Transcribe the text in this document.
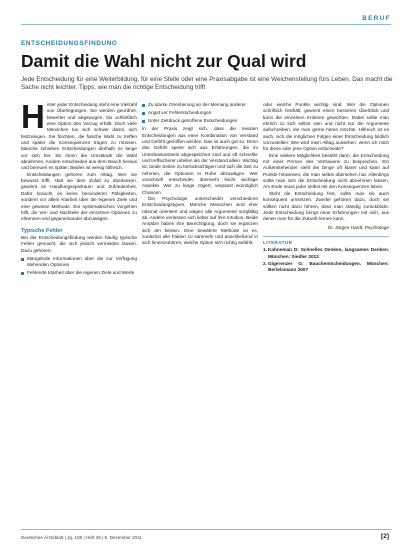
BERUF
ENTSCHEIDUNGSFINDUNG
Damit die Wahl nicht zur Qual wird
Jede Entscheidung für eine Weiterbildung, für eine Stelle oder eine Praxisabgabe ist eine Weichenstellung fürs Leben. Das macht die Sache nicht leichter. Tipps, wie man die richtige Entscheidung trifft
H inter jeder Entscheidung steht eine Vielzahl von Überlegungen. Sie werden geordnet, bewertet und abgewogen, bis schließlich eine Option den Vorzug erhält. Doch viele Menschen tun sich schwer damit, sich festzulegen. Sie fürchten, die falsche Wahl zu treffen und später die Konsequenzen tragen zu müssen. Manche schieben Entscheidungen deshalb so lange vor sich her, bis ihnen die Umstände die Wahl abnehmen. Andere entscheiden aus dem Bauch heraus und bereuen es später. Beides ist wenig hilfreich.

Entscheidungen gehören zum Alltag. Wer sie bewusst trifft, statt sie dem Zufall zu überlassen, gewinnt an Handlungsspielraum und Zufriedenheit. Dafür braucht es keine besonderen Fähigkeiten, sondern vor allem Klarheit über die eigenen Ziele und eine gewisse Methode. Ein systematisches Vorgehen hilft, die Vor- und Nachteile der einzelnen Optionen zu erkennen und gegeneinander abzuwägen.

Typische Fehler

Bei der Entscheidungsfindung werden häufig typische Fehler gemacht, die sich jedoch vermeiden lassen. Dazu gehören:

Mangelnde Informationen über die zur Verfügung stehenden Optionen
Fehlende Klarheit über die eigenen Ziele und Werte
Zu starke Orientierung an der Meinung anderer
Angst vor Fehlentscheidungen
Unter Zeitdruck getroffene Entscheidungen

In der Praxis zeigt sich, dass die meisten Entscheidungen aus einer Kombination von Verstand und Gefühl getroffen werden. Das ist auch gut so. Denn das Gefühl speist sich aus Erfahrungen, die im Unterbewusstsein abgespeichert sind und oft schneller und treffsicherer urteilen als der Verstand allein. Wichtig ist, beide Seiten zu berücksichtigen und sich die Zeit zu nehmen, die Optionen in Ruhe abzuwägen. Wer vorschnell entscheidet, übersieht leicht wichtige Aspekte. Wer zu lange zögert, verpasst womöglich Chancen.

Die Psychologie unterscheidet verschiedene Entscheidungstypen. Manche Menschen sind eher rational orientiert und wägen alle Argumente sorgfältig ab. Andere verlassen sich lieber auf ihre Intuition. Beide Ansätze haben ihre Berechtigung, doch sie ergänzen sich am besten. Eine bewährte Methode ist es, zunächst alle Fakten zu sammeln und anschließend in sich hineinzuhören, welche Option sich richtig anfühlt.

oder welche Punkte wichtig sind. Wer die Optionen schriftlich festhält, gewinnt einen besseren Überblick und kann die einzelnen Kriterien gewichten. Dabei sollte man ehrlich zu sich selbst sein und nicht nur die Argumente aufschreiben, die man gerne hören möchte. Hilfreich ist es auch, sich die möglichen Folgen einer Entscheidung bildlich vorzustellen: Wie wird mein Alltag aussehen, wenn ich mich für diese oder jene Option entscheide?

Eine weitere Möglichkeit besteht darin, die Entscheidung mit einer Person des Vertrauens zu besprechen. Ein Außenstehender sieht die Dinge oft klarer und kann auf Punkte hinweisen, die man selbst übersehen hat. Allerdings sollte man sich die Entscheidung nicht abnehmen lassen. Am Ende muss jeder selbst mit den Konsequenzen leben.

Steht die Entscheidung fest, sollte man sie auch konsequent umsetzen. Zweifel gehören dazu, doch sie sollten nicht dazu führen, dass man ständig zurückblickt. Jede Entscheidung bringt neue Erfahrungen mit sich, aus denen man für die Zukunft lernen kann.

Dr. Jürgen Hardt, Psychologe
LITERATUR
1. Kahneman D: Schnelles Denken, langsames Denken. München: Siedler 2012
2. Gigerenzer G: Bauchentscheidungen. München: Bertelsmann 2007
Deutsches Ärzteblatt | Jg. 108 | Heft 49 | 9. Dezember 2011	[2]
